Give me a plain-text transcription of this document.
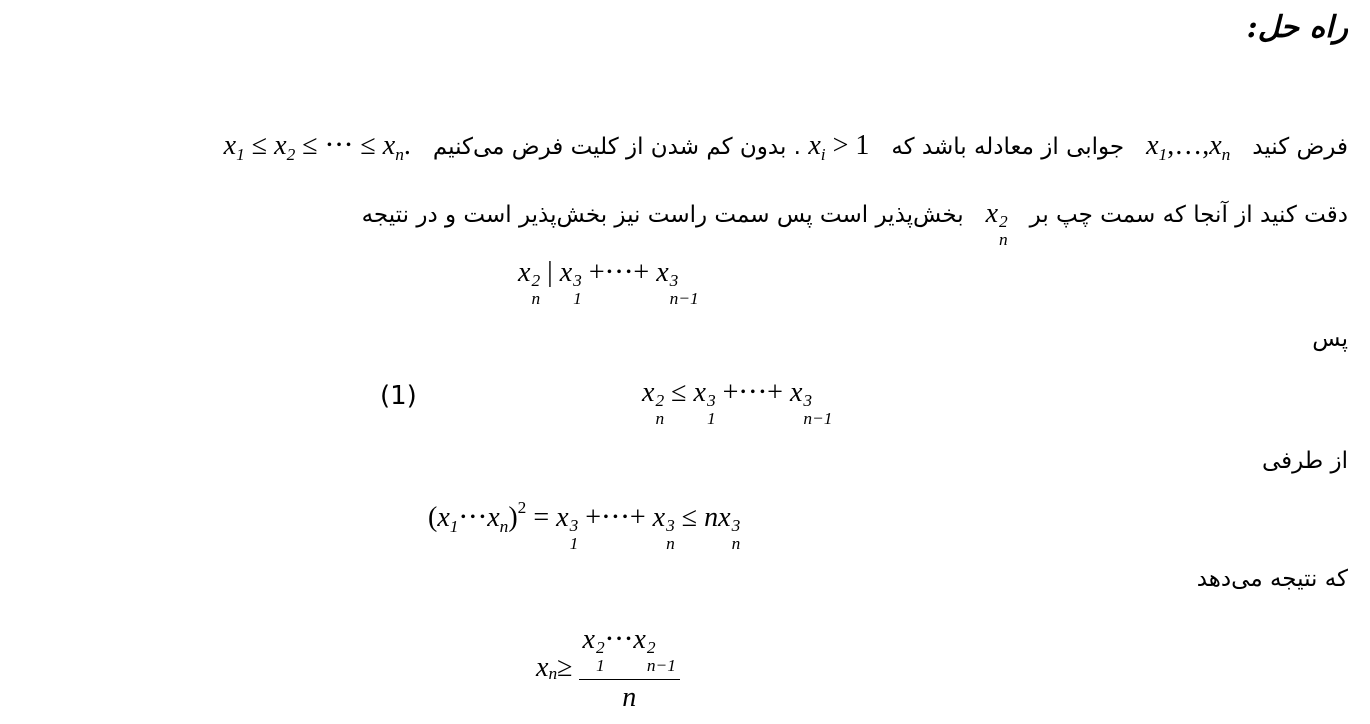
راه حل:
فرض کنید   $x_1,\dots,x_n$   جوابی از معادله باشد که   $x_i > 1$ . بدون کم شدن از کلیت فرض می‌کنیم   $x_1 \le x_2$ ≤ ⋅⋅⋅ ≤ $x_n$.
دقت کنید از آنجا که سمت چپ بر   x 2
n
بخش‌پذیر است پس سمت راست نیز بخش‌پذیر است و در نتیجه
x 2
n
| x 3
1
+⋅⋅⋅+ x 3
n−1
پس
(1)	x 2
n
≤ x 3
1
+⋅⋅⋅+ x 3
n−1
از طرفی
$(x_1\cdot\cdot\cdot x_n)^2 = x$ 3
1
+⋅⋅⋅+ x 3
n
≤ nx 3
n
که نتیجه می‌دهد
$x_n \ge x$ 2
1
⋅⋅⋅x 2
n−1
n
